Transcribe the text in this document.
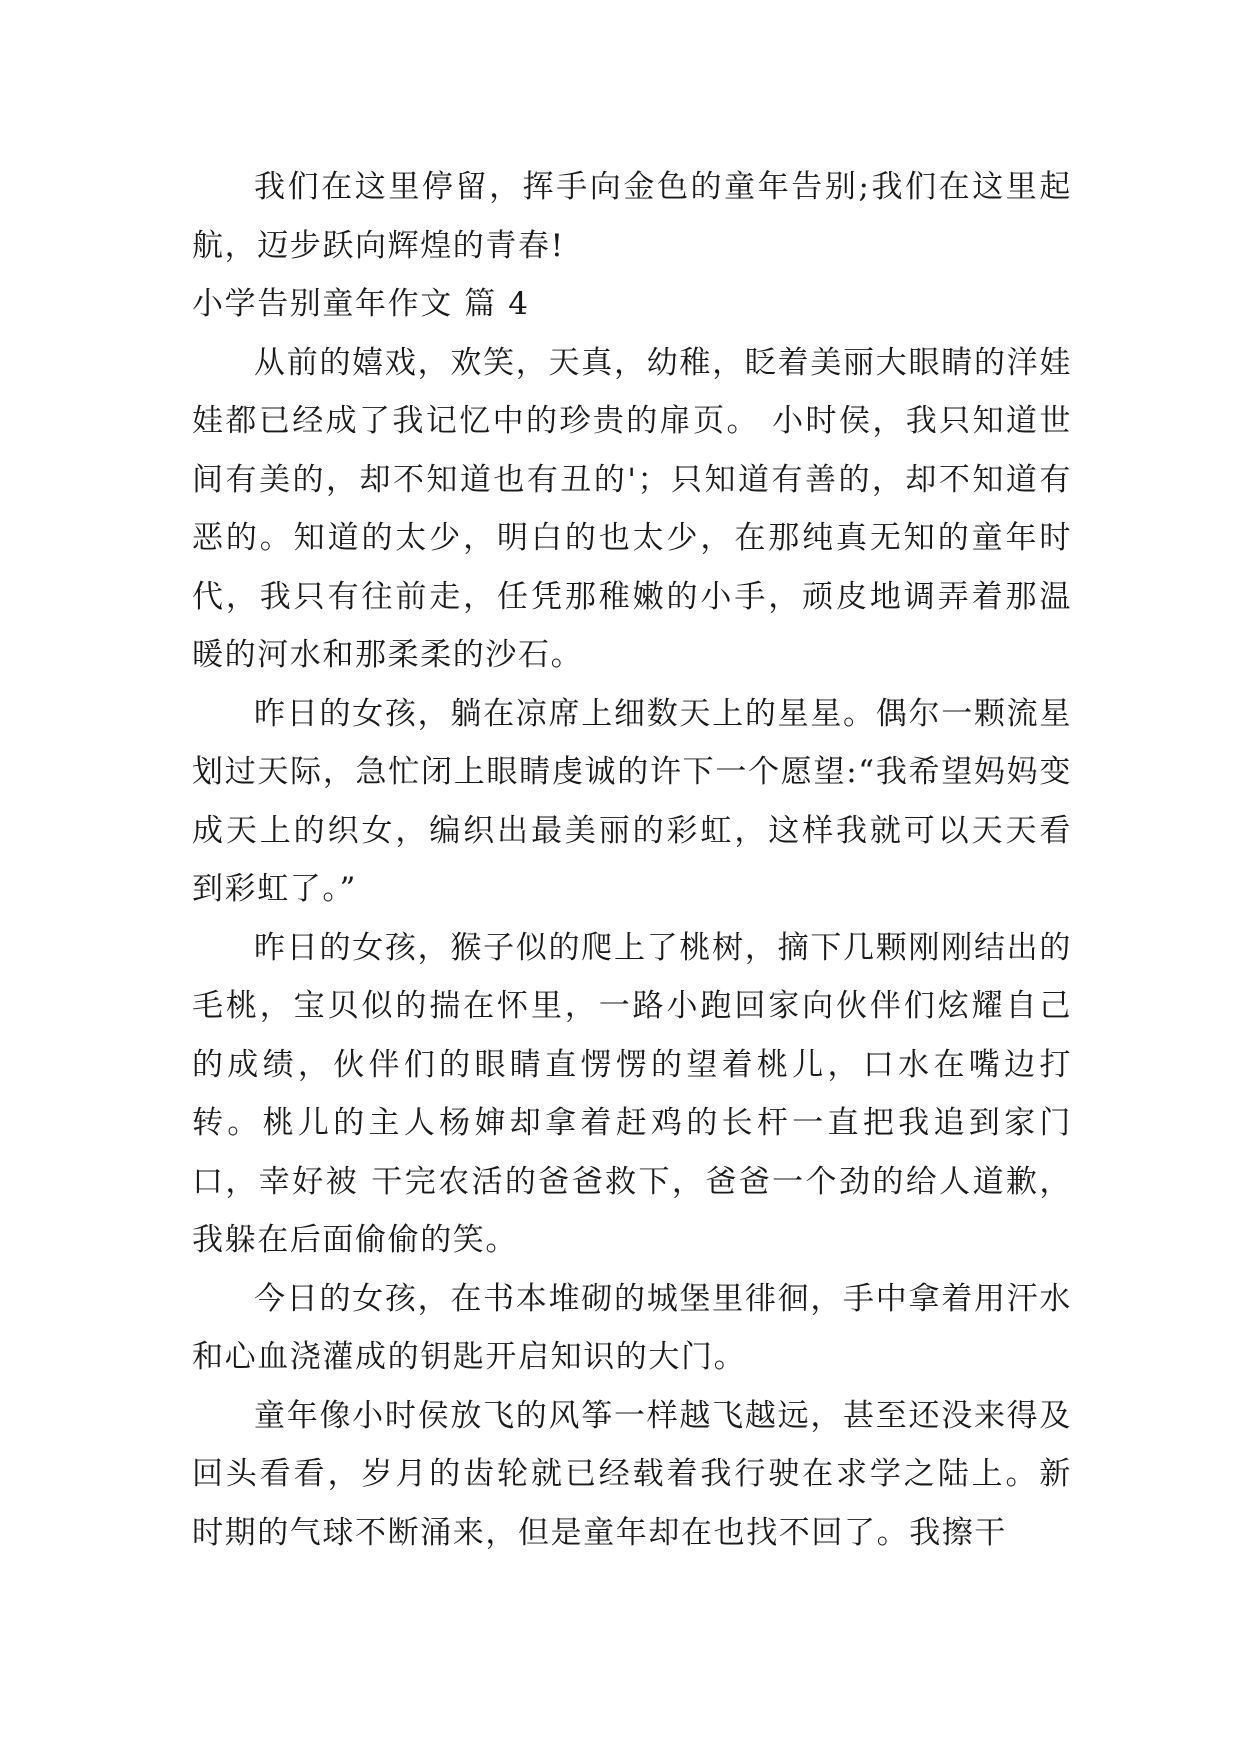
我们在这里停留，挥手向金色的童年告别;我们在这里起航，迈步跃向辉煌的青春!

小学告别童年作文 篇 4

从前的嬉戏，欢笑，天真，幼稚，眨着美丽大眼睛的洋娃娃都已经成了我记忆中的珍贵的扉页。 小时侯，我只知道世间有美的，却不知道也有丑的'；只知道有善的，却不知道有恶的。知道的太少，明白的也太少，在那纯真无知的童年时代，我只有往前走，任凭那稚嫩的小手，顽皮地调弄着那温暖的河水和那柔柔的沙石。

昨日的女孩，躺在凉席上细数天上的星星。偶尔一颗流星划过天际，急忙闭上眼睛虔诚的许下一个愿望:“我希望妈妈变成天上的织女，编织出最美丽的彩虹，这样我就可以天天看到彩虹了。”

昨日的女孩，猴子似的爬上了桃树，摘下几颗刚刚结出的毛桃，宝贝似的揣在怀里，一路小跑回家向伙伴们炫耀自己的成绩，伙伴们的眼睛直愣愣的望着桃儿，口水在嘴边打转。桃儿的主人杨婶却拿着赶鸡的长杆一直把我追到家门口，幸好被 干完农活的爸爸救下，爸爸一个劲的给人道歉，我躲在后面偷偷的笑。

今日的女孩，在书本堆砌的城堡里徘徊，手中拿着用汗水和心血浇灌成的钥匙开启知识的大门。

童年像小时侯放飞的风筝一样越飞越远，甚至还没来得及回头看看，岁月的齿轮就已经载着我行驶在求学之陆上。新时期的气球不断涌来，但是童年却在也找不回了。我擦干
